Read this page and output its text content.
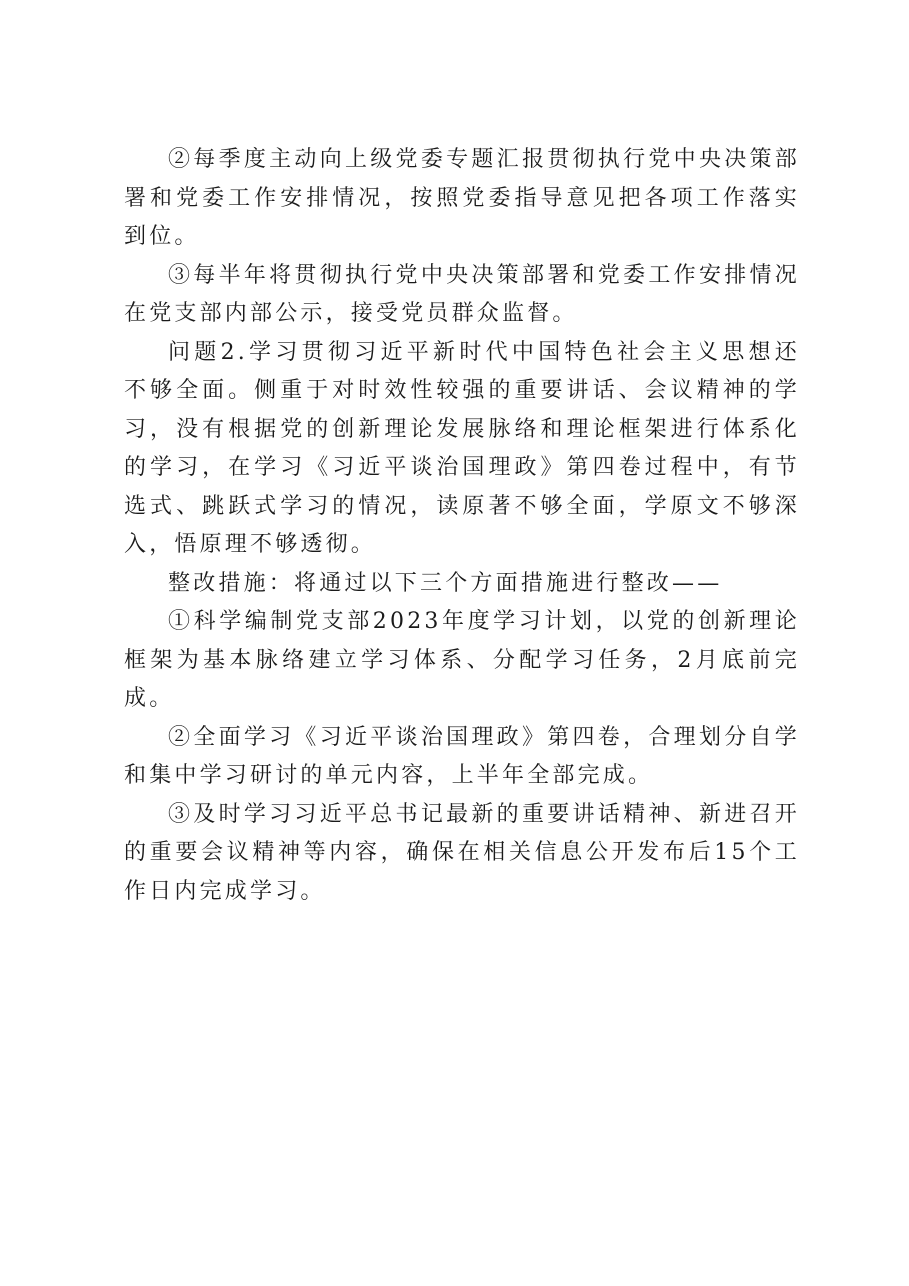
②每季度主动向上级党委专题汇报贯彻执行党中央决策部署和党委工作安排情况，按照党委指导意见把各项工作落实到位。

③每半年将贯彻执行党中央决策部署和党委工作安排情况在党支部内部公示，接受党员群众监督。

问题2.学习贯彻习近平新时代中国特色社会主义思想还不够全面。侧重于对时效性较强的重要讲话、会议精神的学习，没有根据党的创新理论发展脉络和理论框架进行体系化的学习，在学习《习近平谈治国理政》第四卷过程中，有节选式、跳跃式学习的情况，读原著不够全面，学原文不够深入，悟原理不够透彻。

整改措施：将通过以下三个方面措施进行整改——

①科学编制党支部2023年度学习计划，以党的创新理论框架为基本脉络建立学习体系、分配学习任务，2月底前完成。

②全面学习《习近平谈治国理政》第四卷，合理划分自学和集中学习研讨的单元内容，上半年全部完成。

③及时学习习近平总书记最新的重要讲话精神、新进召开的重要会议精神等内容，确保在相关信息公开发布后15个工作日内完成学习。
